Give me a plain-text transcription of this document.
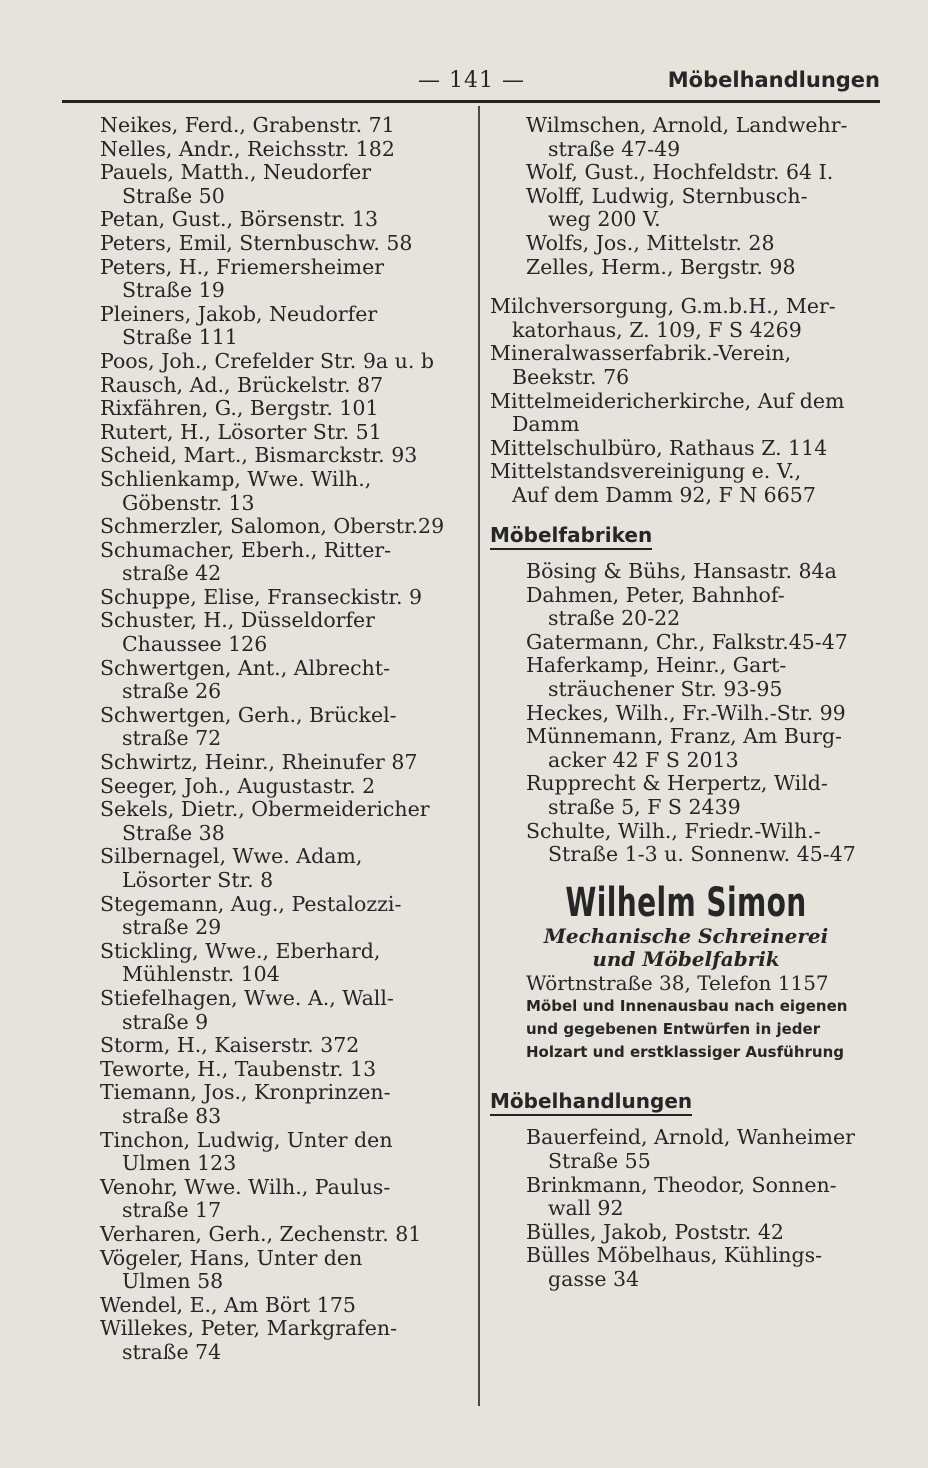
— 141 —	Möbelhandlungen
Neikes, Ferd., Grabenstr. 71
Nelles, Andr., Reichsstr. 182
Pauels, Matth., Neudorfer
Straße 50
Petan, Gust., Börsenstr. 13
Peters, Emil, Sternbuschw. 58
Peters, H., Friemersheimer
Straße 19
Pleiners, Jakob, Neudorfer
Straße 111
Poos, Joh., Crefelder Str. 9a u. b
Rausch, Ad., Brückelstr. 87
Rixfähren, G., Bergstr. 101
Rutert, H., Lösorter Str. 51
Scheid, Mart., Bismarckstr. 93
Schlienkamp, Wwe. Wilh.,
Göbenstr. 13
Schmerzler, Salomon, Oberstr.29
Schumacher, Eberh., Ritter-
straße 42
Schuppe, Elise, Franseckistr. 9
Schuster, H., Düsseldorfer
Chaussee 126
Schwertgen, Ant., Albrecht-
straße 26
Schwertgen, Gerh., Brückel-
straße 72
Schwirtz, Heinr., Rheinufer 87
Seeger, Joh., Augustastr. 2
Sekels, Dietr., Obermeidericher
Straße 38
Silbernagel, Wwe. Adam,
Lösorter Str. 8
Stegemann, Aug., Pestalozzi-
straße 29
Stickling, Wwe., Eberhard,
Mühlenstr. 104
Stiefelhagen, Wwe. A., Wall-
straße 9
Storm, H., Kaiserstr. 372
Teworte, H., Taubenstr. 13
Tiemann, Jos., Kronprinzen-
straße 83
Tinchon, Ludwig, Unter den
Ulmen 123
Venohr, Wwe. Wilh., Paulus-
straße 17
Verharen, Gerh., Zechenstr. 81
Vögeler, Hans, Unter den
Ulmen 58
Wendel, E., Am Bört 175
Willekes, Peter, Markgrafen-
straße 74
Wilmschen, Arnold, Landwehr-
straße 47-49
Wolf, Gust., Hochfeldstr. 64 I.
Wolff, Ludwig, Sternbusch-
weg 200 V.
Wolfs, Jos., Mittelstr. 28
Zelles, Herm., Bergstr. 98
Milchversorgung, G.m.b.H., Mer-
katorhaus, Z. 109, F S 4269
Mineralwasserfabrik.-Verein,
Beekstr. 76
Mittelmeidericherkirche, Auf dem
Damm
Mittelschulbüro, Rathaus Z. 114
Mittelstandsvereinigung e. V.,
Auf dem Damm 92, F N 6657
Möbelfabriken
Bösing & Bühs, Hansastr. 84a
Dahmen, Peter, Bahnhof-
straße 20-22
Gatermann, Chr., Falkstr.45-47
Haferkamp, Heinr., Gart-
sträuchener Str. 93-95
Heckes, Wilh., Fr.-Wilh.-Str. 99
Münnemann, Franz, Am Burg-
acker 42 F S 2013
Rupprecht & Herpertz, Wild-
straße 5, F S 2439
Schulte, Wilh., Friedr.-Wilh.-
Straße 1-3 u. Sonnenw. 45-47
Wilhelm Simon
Mechanische Schreinerei
und Möbelfabrik
Wörtnstraße 38, Telefon 1157
Möbel und Innenausbau nach eigenen
und gegebenen Entwürfen in jeder
Holzart und erstklassiger Ausführung
Möbelhandlungen
Bauerfeind, Arnold, Wanheimer
Straße 55
Brinkmann, Theodor, Sonnen-
wall 92
Bülles, Jakob, Poststr. 42
Bülles Möbelhaus, Kühlings-
gasse 34
